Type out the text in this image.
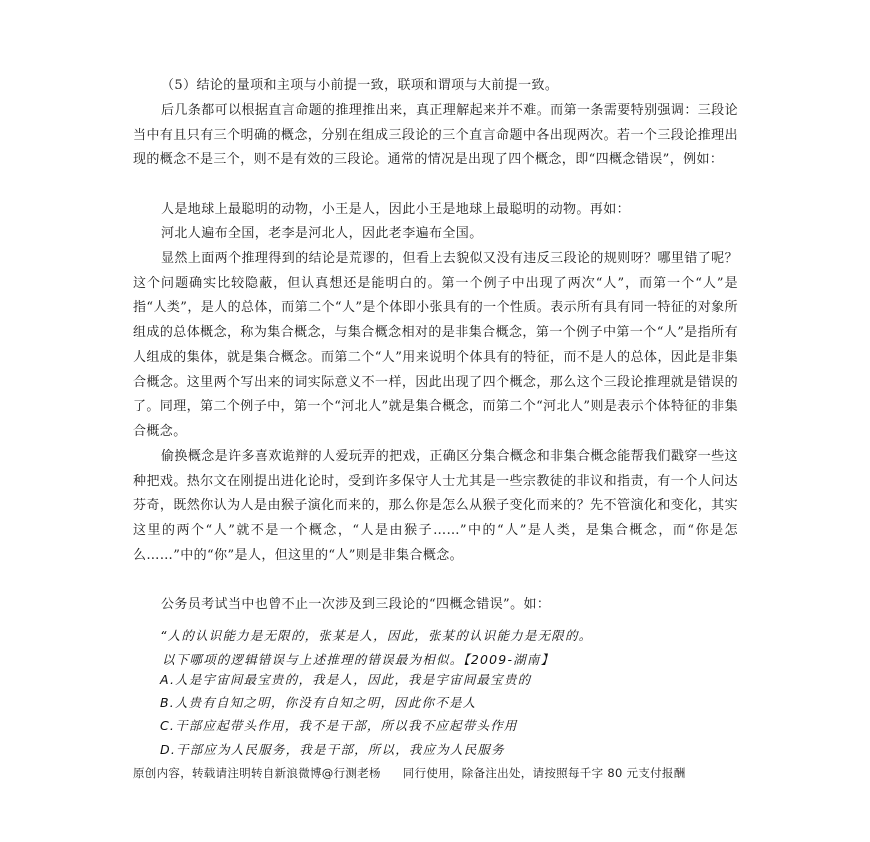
（5）结论的量项和主项与小前提一致，联项和谓项与大前提一致。

后几条都可以根据直言命题的推理推出来，真正理解起来并不难。而第一条需要特别强调：三段论当中有且只有三个明确的概念，分别在组成三段论的三个直言命题中各出现两次。若一个三段论推理出现的概念不是三个，则不是有效的三段论。通常的情况是出现了四个概念，即“四概念错误”，例如：

人是地球上最聪明的动物，小王是人，因此小王是地球上最聪明的动物。再如：

河北人遍布全国，老李是河北人，因此老李遍布全国。

显然上面两个推理得到的结论是荒谬的，但看上去貌似又没有违反三段论的规则呀？哪里错了呢？这个问题确实比较隐蔽，但认真想还是能明白的。第一个例子中出现了两次“人”，而第一个“人”是指“人类”，是人的总体，而第二个“人”是个体即小张具有的一个性质。表示所有具有同一特征的对象所组成的总体概念，称为集合概念，与集合概念相对的是非集合概念，第一个例子中第一个“人”是指所有人组成的集体，就是集合概念。而第二个“人”用来说明个体具有的特征，而不是人的总体，因此是非集合概念。这里两个写出来的词实际意义不一样，因此出现了四个概念，那么这个三段论推理就是错误的了。同理，第二个例子中，第一个“河北人”就是集合概念，而第二个“河北人”则是表示个体特征的非集合概念。

偷换概念是许多喜欢诡辩的人爱玩弄的把戏，正确区分集合概念和非集合概念能帮我们戳穿一些这种把戏。热尔文在刚提出进化论时，受到许多保守人士尤其是一些宗教徒的非议和指责，有一个人问达芬奇，既然你认为人是由猴子演化而来的，那么你是怎么从猴子变化而来的？先不管演化和变化，其实这里的两个“人”就不是一个概念，“人是由猴子……”中的“人”是人类，是集合概念，而“你是怎么……”中的“你”是人，但这里的“人”则是非集合概念。

公务员考试当中也曾不止一次涉及到三段论的“四概念错误”。如：

“人的认识能力是无限的，张某是人，因此，张某的认识能力是无限的。

以下哪项的逻辑错误与上述推理的错误最为相似。【2009-湖南】

A.人是宇宙间最宝贵的，我是人，因此，我是宇宙间最宝贵的

B.人贵有自知之明，你没有自知之明，因此你不是人

C.干部应起带头作用，我不是干部，所以我不应起带头作用

D.干部应为人民服务，我是干部，所以，我应为人民服务

原创内容，转载请注明转自新浪微博@行测老杨 同行使用，除备注出处，请按照每千字 80 元支付报酬
